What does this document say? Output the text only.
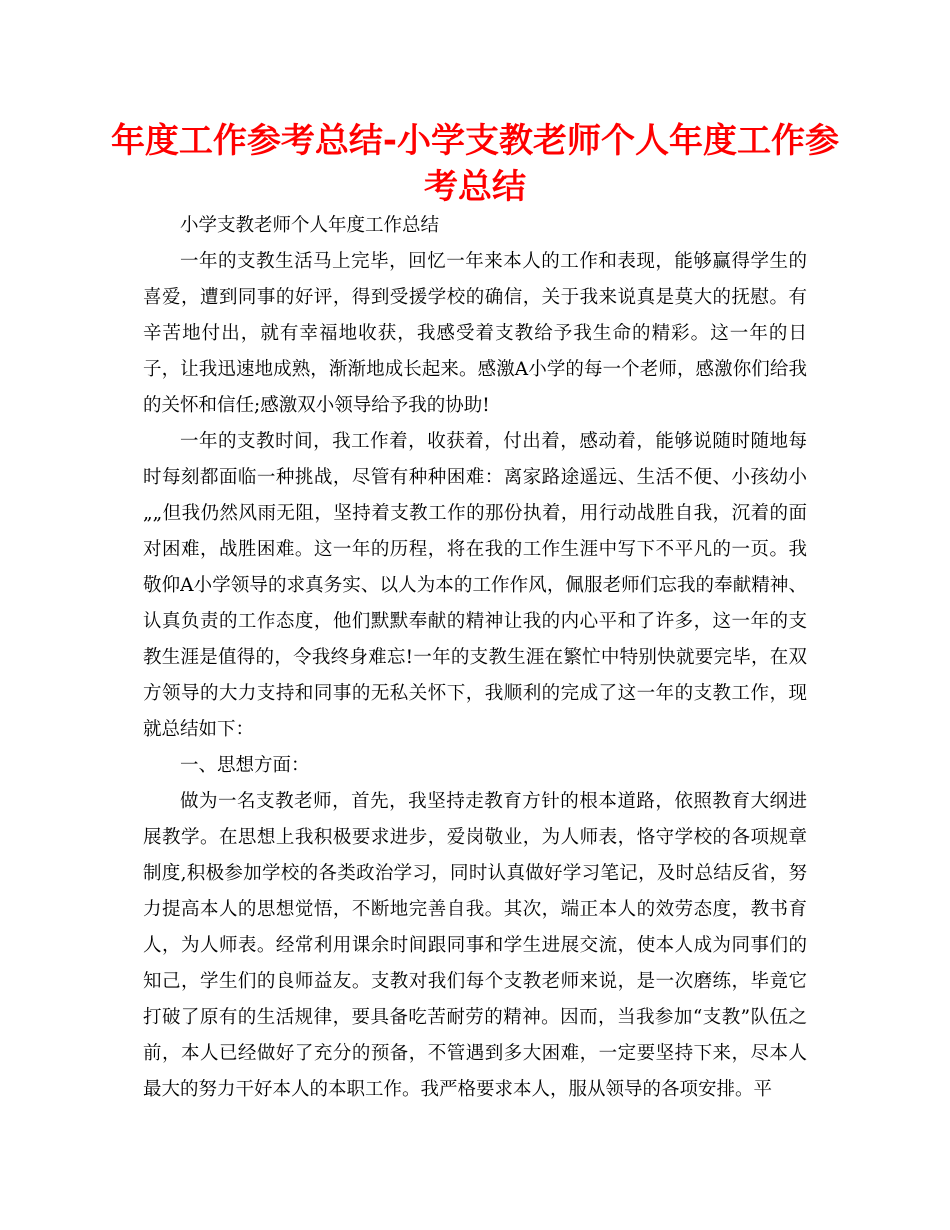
年度工作参考总结-小学支教老师个人年度工作参考总结

小学支教老师个人年度工作总结

一年的支教生活马上完毕，回忆一年来本人的工作和表现，能够赢得学生的喜爱，遭到同事的好评，得到受援学校的确信，关于我来说真是莫大的抚慰。有辛苦地付出，就有幸福地收获，我感受着支教给予我生命的精彩。这一年的日子，让我迅速地成熟，渐渐地成长起来。感激A小学的每一个老师，感激你们给我的关怀和信任;感激双小领导给予我的协助!

一年的支教时间，我工作着，收获着，付出着，感动着，能够说随时随地每时每刻都面临一种挑战，尽管有种种困难：离家路途遥远、生活不便、小孩幼小„„但我仍然风雨无阻，坚持着支教工作的那份执着，用行动战胜自我，沉着的面对困难，战胜困难。这一年的历程，将在我的工作生涯中写下不平凡的一页。我敬仰A小学领导的求真务实、以人为本的工作作风，佩服老师们忘我的奉献精神、认真负责的工作态度，他们默默奉献的精神让我的内心平和了许多，这一年的支教生涯是值得的，令我终身难忘!一年的支教生涯在繁忙中特别快就要完毕，在双方领导的大力支持和同事的无私关怀下，我顺利的完成了这一年的支教工作，现就总结如下：

一、思想方面：

做为一名支教老师，首先，我坚持走教育方针的根本道路，依照教育大纲进展教学。在思想上我积极要求进步，爱岗敬业，为人师表，恪守学校的各项规章制度,积极参加学校的各类政治学习，同时认真做好学习笔记，及时总结反省，努力提高本人的思想觉悟，不断地完善自我。其次，端正本人的效劳态度，教书育人，为人师表。经常利用课余时间跟同事和学生进展交流，使本人成为同事们的知己，学生们的良师益友。支教对我们每个支教老师来说，是一次磨练，毕竟它打破了原有的生活规律，要具备吃苦耐劳的精神。因而，当我参加“支教”队伍之前，本人已经做好了充分的预备，不管遇到多大困难，一定要坚持下来，尽本人最大的努力干好本人的本职工作。我严格要求本人，服从领导的各项安排。平
